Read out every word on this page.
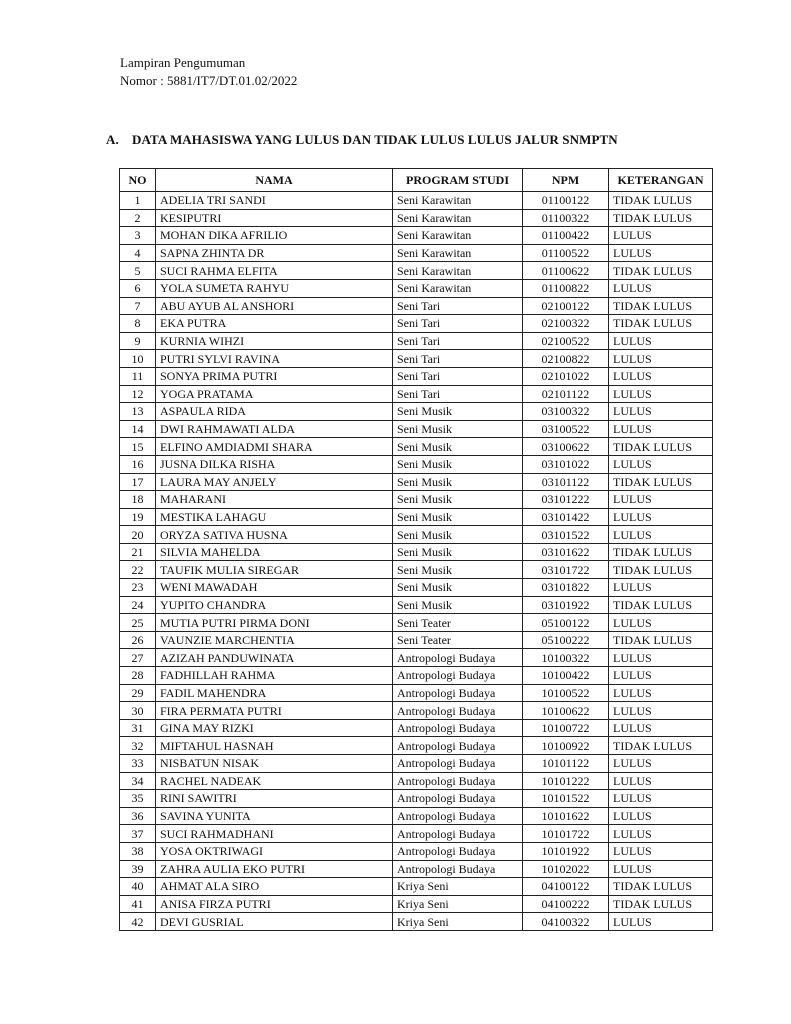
Lampiran Pengumuman
Nomor : 5881/IT7/DT.01.02/2022
A. DATA MAHASISWA YANG LULUS DAN TIDAK LULUS LULUS JALUR SNMPTN
NO	NAMA	PROGRAM STUDI	NPM	KETERANGAN
1	ADELIA TRI SANDI	Seni Karawitan	01100122	TIDAK LULUS
2	KESIPUTRI	Seni Karawitan	01100322	TIDAK LULUS
3	MOHAN DIKA AFRILIO	Seni Karawitan	01100422	LULUS
4	SAPNA ZHINTA DR	Seni Karawitan	01100522	LULUS
5	SUCI RAHMA ELFITA	Seni Karawitan	01100622	TIDAK LULUS
6	YOLA SUMETA RAHYU	Seni Karawitan	01100822	LULUS
7	ABU AYUB AL ANSHORI	Seni Tari	02100122	TIDAK LULUS
8	EKA PUTRA	Seni Tari	02100322	TIDAK LULUS
9	KURNIA WIHZI	Seni Tari	02100522	LULUS
10	PUTRI SYLVI RAVINA	Seni Tari	02100822	LULUS
11	SONYA PRIMA PUTRI	Seni Tari	02101022	LULUS
12	YOGA PRATAMA	Seni Tari	02101122	LULUS
13	ASPAULA RIDA	Seni Musik	03100322	LULUS
14	DWI RAHMAWATI ALDA	Seni Musik	03100522	LULUS
15	ELFINO AMDIADMI SHARA	Seni Musik	03100622	TIDAK LULUS
16	JUSNA DILKA RISHA	Seni Musik	03101022	LULUS
17	LAURA MAY ANJELY	Seni Musik	03101122	TIDAK LULUS
18	MAHARANI	Seni Musik	03101222	LULUS
19	MESTIKA LAHAGU	Seni Musik	03101422	LULUS
20	ORYZA SATIVA HUSNA	Seni Musik	03101522	LULUS
21	SILVIA MAHELDA	Seni Musik	03101622	TIDAK LULUS
22	TAUFIK MULIA SIREGAR	Seni Musik	03101722	TIDAK LULUS
23	WENI MAWADAH	Seni Musik	03101822	LULUS
24	YUPITO CHANDRA	Seni Musik	03101922	TIDAK LULUS
25	MUTIA PUTRI PIRMA DONI	Seni Teater	05100122	LULUS
26	VAUNZIE MARCHENTIA	Seni Teater	05100222	TIDAK LULUS
27	AZIZAH PANDUWINATA	Antropologi Budaya	10100322	LULUS
28	FADHILLAH RAHMA	Antropologi Budaya	10100422	LULUS
29	FADIL MAHENDRA	Antropologi Budaya	10100522	LULUS
30	FIRA PERMATA PUTRI	Antropologi Budaya	10100622	LULUS
31	GINA MAY RIZKI	Antropologi Budaya	10100722	LULUS
32	MIFTAHUL HASNAH	Antropologi Budaya	10100922	TIDAK LULUS
33	NISBATUN NISAK	Antropologi Budaya	10101122	LULUS
34	RACHEL NADEAK	Antropologi Budaya	10101222	LULUS
35	RINI SAWITRI	Antropologi Budaya	10101522	LULUS
36	SAVINA YUNITA	Antropologi Budaya	10101622	LULUS
37	SUCI RAHMADHANI	Antropologi Budaya	10101722	LULUS
38	YOSA OKTRIWAGI	Antropologi Budaya	10101922	LULUS
39	ZAHRA AULIA EKO PUTRI	Antropologi Budaya	10102022	LULUS
40	AHMAT ALA SIRO	Kriya Seni	04100122	TIDAK LULUS
41	ANISA FIRZA PUTRI	Kriya Seni	04100222	TIDAK LULUS
42	DEVI GUSRIAL	Kriya Seni	04100322	LULUS
